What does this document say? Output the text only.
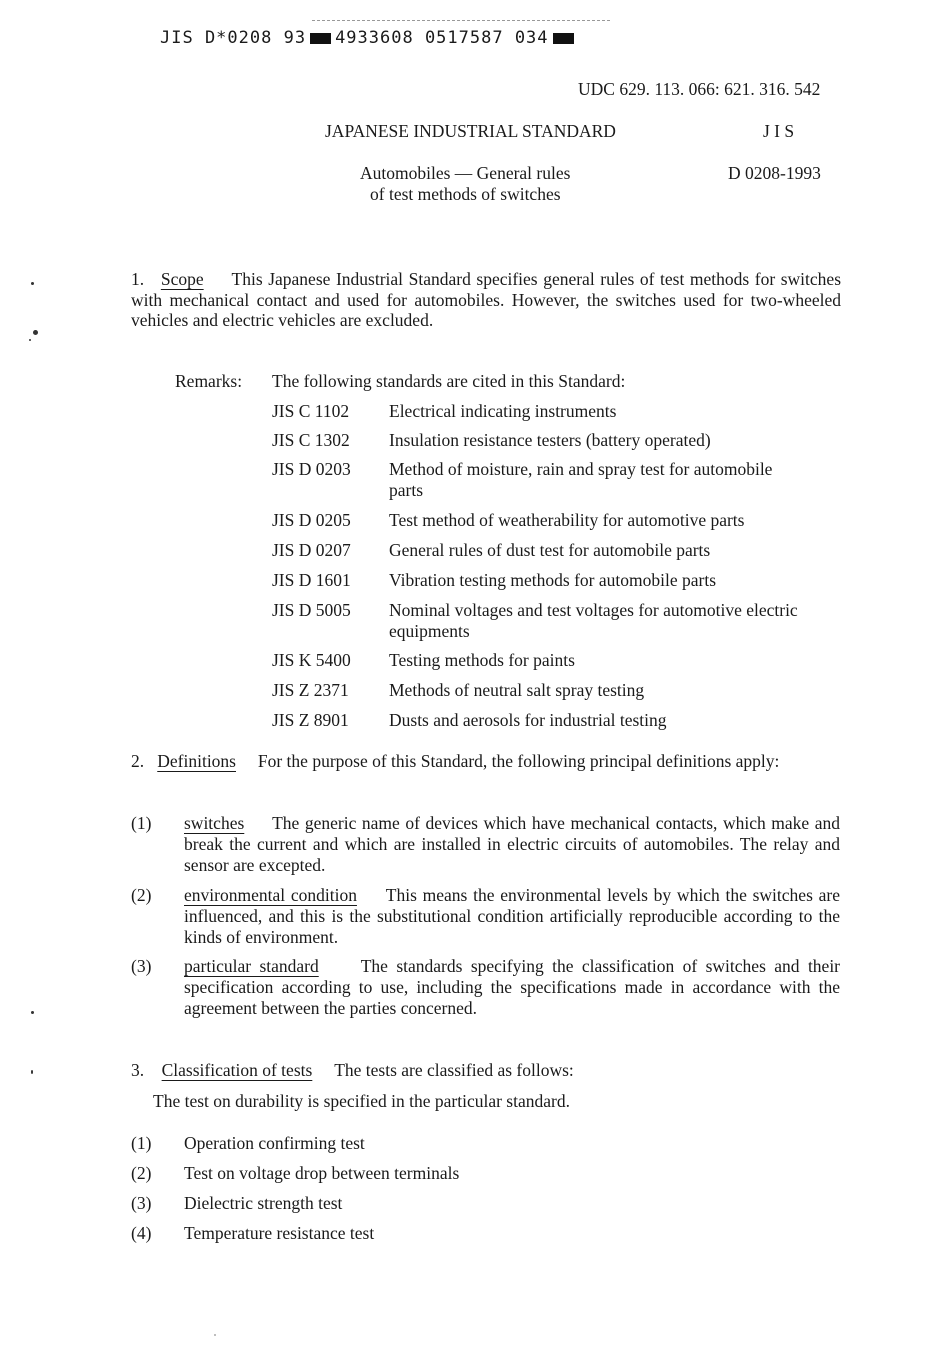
JIS D*0208 93 4933608 0517587 034
UDC 629. 113. 066: 621. 316. 542
JAPANESE INDUSTRIAL STANDARD	J I S
Automobiles — General rules
of test methods of switches
D 0208-1993
1. Scope This Japanese Industrial Standard specifies general rules of test methods for switches with mechanical contact and used for automobiles. However, the switches used for two-wheeled vehicles and electric vehicles are excluded.
Remarks: The following standards are cited in this Standard:
JIS C 1102 Electrical indicating instruments
JIS C 1302 Insulation resistance testers (battery operated)
JIS D 0203 Method of moisture, rain and spray test for automobile parts
JIS D 0205 Test method of weatherability for automotive parts
JIS D 0207 General rules of dust test for automobile parts
JIS D 1601 Vibration testing methods for automobile parts
JIS D 5005 Nominal voltages and test voltages for automotive electric equipments
JIS K 5400 Testing methods for paints
JIS Z 2371 Methods of neutral salt spray testing
JIS Z 8901 Dusts and aerosols for industrial testing
2. Definitions For the purpose of this Standard, the following principal definitions apply:
(1) switches The generic name of devices which have mechanical contacts, which make and break the current and which are installed in electric circuits of automobiles. The relay and sensor are excepted.
(2) environmental condition This means the environmental levels by which the switches are influenced, and this is the substitutional condition artificially reproducible according to the kinds of environment.
(3) particular standard The standards specifying the classification of switches and their specification according to use, including the specifications made in accordance with the agreement between the parties concerned.
3. Classification of tests The tests are classified as follows:
The test on durability is specified in the particular standard.
(1) Operation confirming test
(2) Test on voltage drop between terminals
(3) Dielectric strength test
(4) Temperature resistance test
